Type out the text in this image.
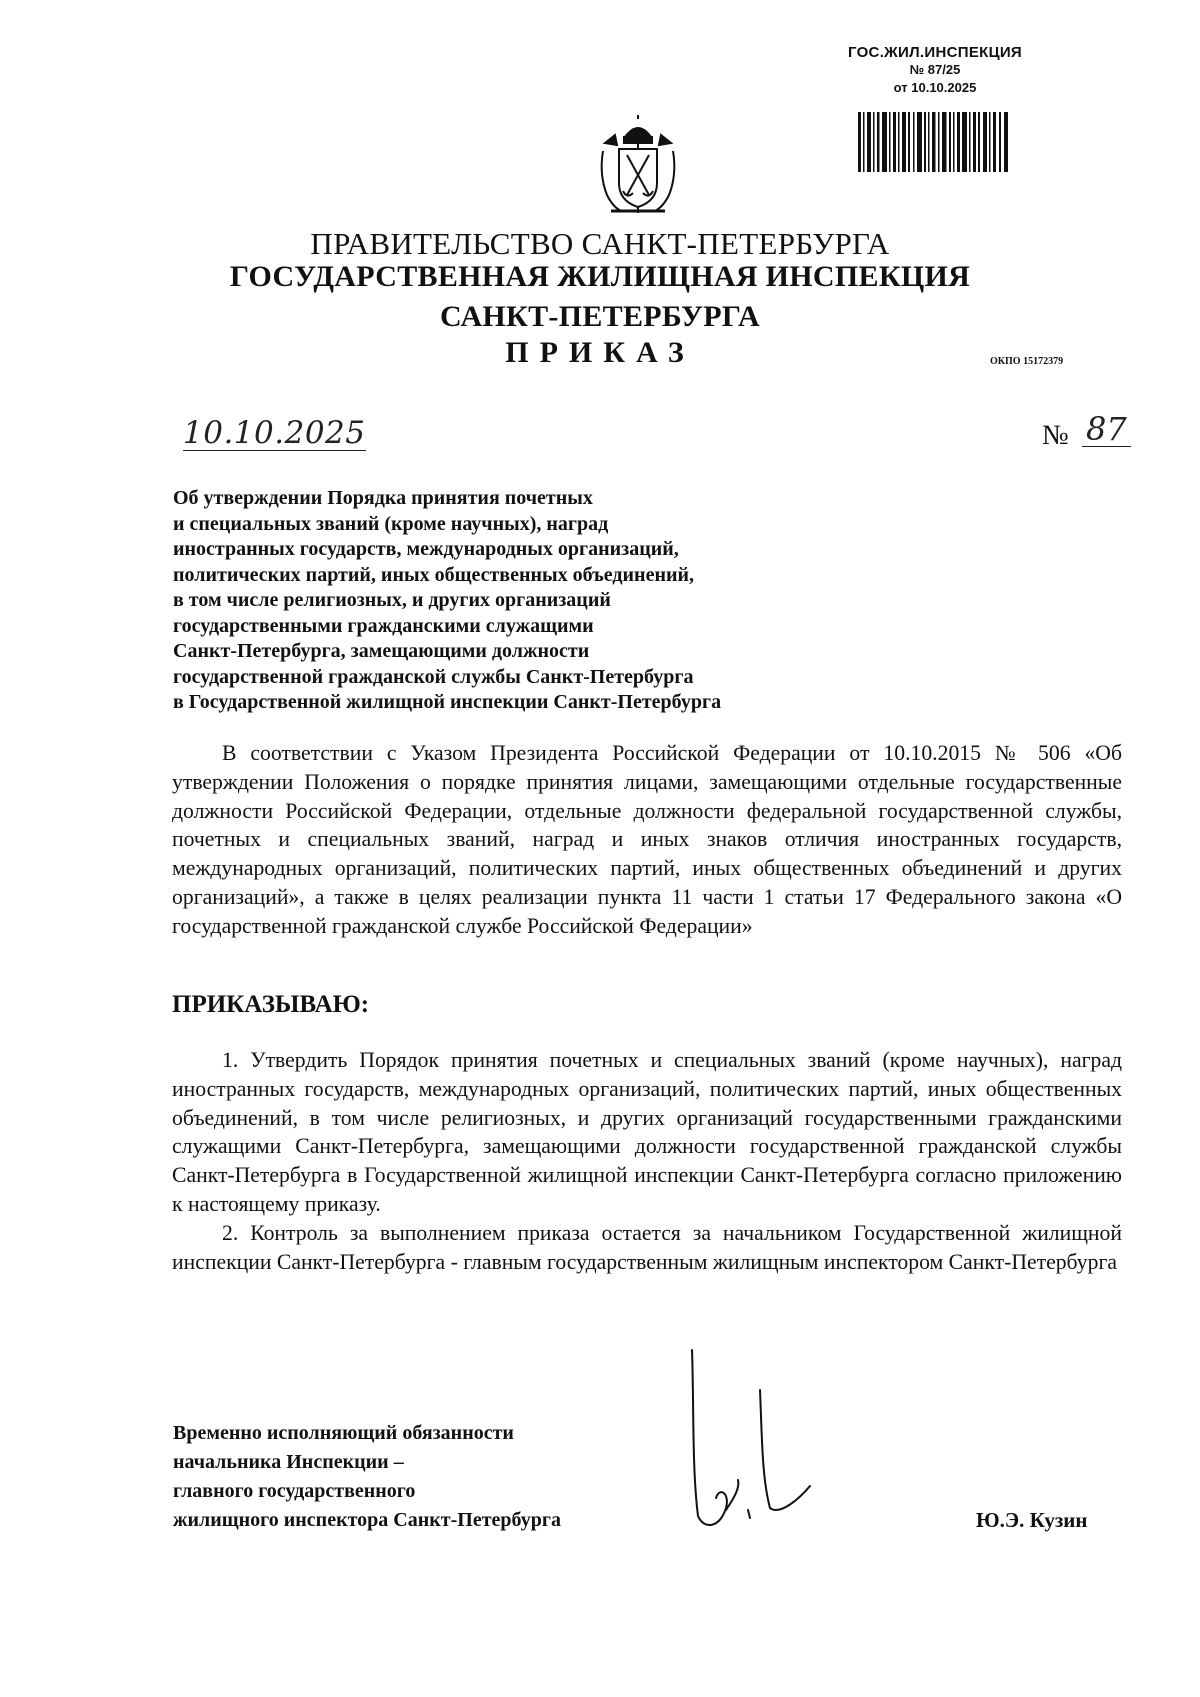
ГОС.ЖИЛ.ИНСПЕКЦИЯ
№ 87/25
от 10.10.2025
ПРАВИТЕЛЬСТВО САНКТ-ПЕТЕРБУРГА
ГОСУДАРСТВЕННАЯ ЖИЛИЩНАЯ ИНСПЕКЦИЯ
САНКТ-ПЕТЕРБУРГА
ПРИКАЗ	ОКПО 15172379
10.10.2025	№ 87
Об утверждении Порядка принятия почетных
и специальных званий (кроме научных), наград
иностранных государств, международных организаций,
политических партий, иных общественных объединений,
в том числе религиозных, и других организаций
государственными гражданскими служащими
Санкт-Петербурга, замещающими должности
государственной гражданской службы Санкт-Петербурга
в Государственной жилищной инспекции Санкт-Петербурга
В соответствии с Указом Президента Российской Федерации от 10.10.2015 № 506 «Об утверждении Положения о порядке принятия лицами, замещающими отдельные государственные должности Российской Федерации, отдельные должности федеральной государственной службы, почетных и специальных званий, наград и иных знаков отличия иностранных государств, международных организаций, политических партий, иных общественных объединений и других организаций», а также в целях реализации пункта 11 части 1 статьи 17 Федерального закона «О государственной гражданской службе Российской Федерации»
ПРИКАЗЫВАЮ:
1. Утвердить Порядок принятия почетных и специальных званий (кроме научных), наград иностранных государств, международных организаций, политических партий, иных общественных объединений, в том числе религиозных, и других организаций государственными гражданскими служащими Санкт-Петербурга, замещающими должности государственной гражданской службы Санкт-Петербурга в Государственной жилищной инспекции Санкт-Петербурга согласно приложению к настоящему приказу.
2. Контроль за выполнением приказа остается за начальником Государственной жилищной инспекции Санкт-Петербурга - главным государственным жилищным инспектором Санкт-Петербурга
Временно исполняющий обязанности
начальника Инспекции –
главного государственного
жилищного инспектора Санкт-Петербурга	Ю.Э. Кузин
